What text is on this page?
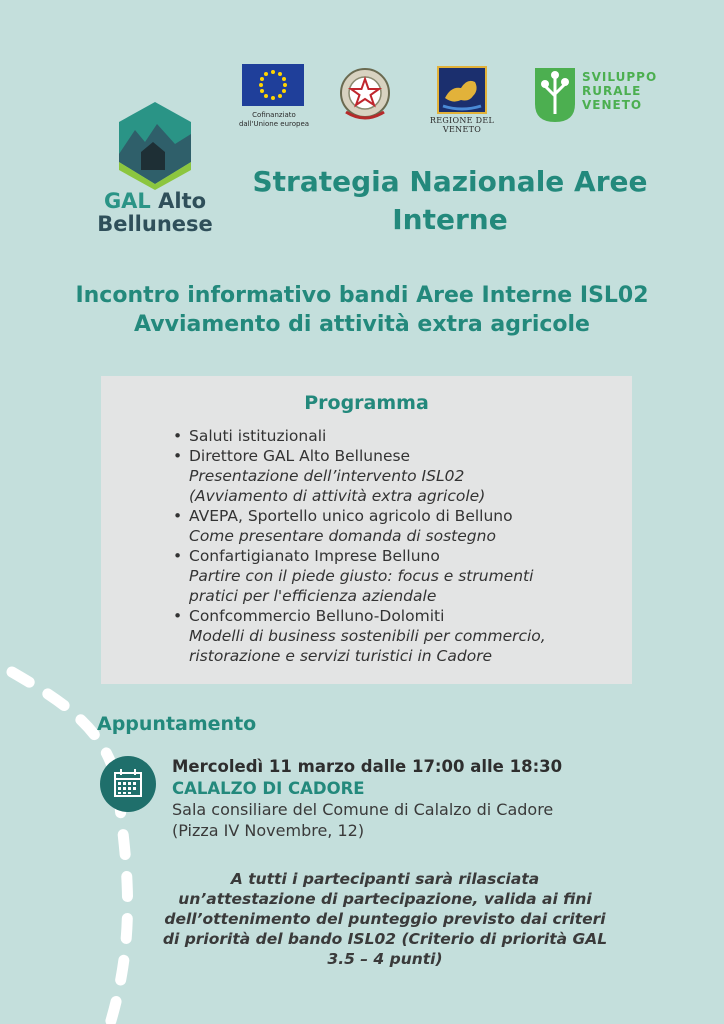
GAL Alto
Bellunese
Cofinanziato
dall'Unione europea	REGIONE DEL VENETO
SVILUPPO
RURALE
VENETO
Strategia Nazionale Aree
Interne
Incontro informativo bandi Aree Interne ISL02
Avviamento di attività extra agricole
Programma
• Saluti istituzionali
• Direttore GAL Alto Bellunese
Presentazione dell’intervento ISL02
(Avviamento di attività extra agricole)
• AVEPA, Sportello unico agricolo di Belluno
Come presentare domanda di sostegno
• Confartigianato Imprese Belluno
Partire con il piede giusto: focus e strumenti
pratici per l'efficienza aziendale
• Confcommercio Belluno-Dolomiti
Modelli di business sostenibili per commercio,
ristorazione e servizi turistici in Cadore
Appuntamento
Mercoledì 11 marzo dalle 17:00 alle 18:30
CALALZO DI CADORE
Sala consiliare del Comune di Calalzo di Cadore
(Pizza IV Novembre, 12)
A tutti i partecipanti sarà rilasciata
un’attestazione di partecipazione, valida ai fini
dell’ottenimento del punteggio previsto dai criteri
di priorità del bando ISL02 (Criterio di priorità GAL
3.5 – 4 punti)
